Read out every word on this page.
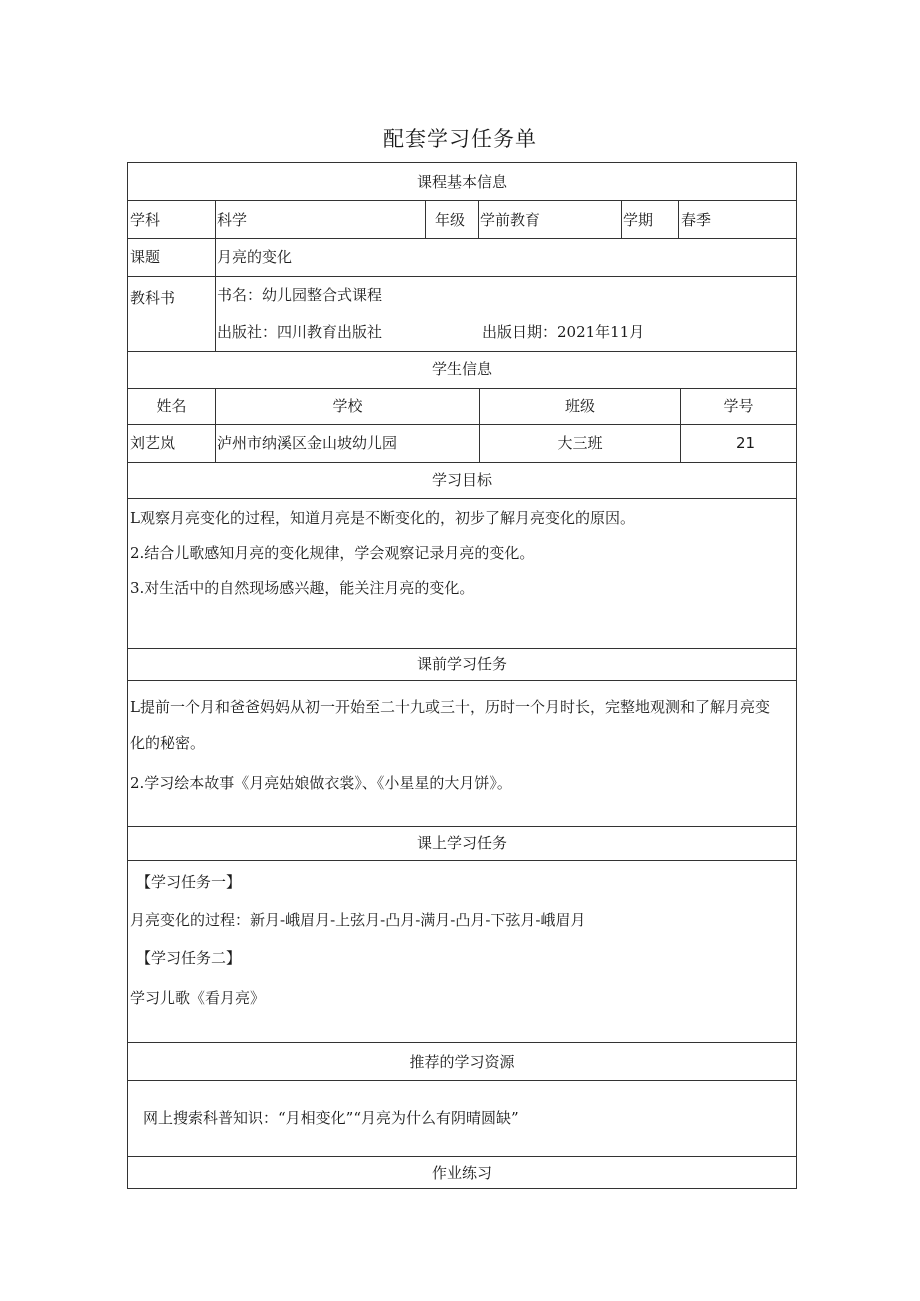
配套学习任务单
课程基本信息
学科	科学	年级 学前教育	学期 春季
课题	月亮的变化
教科书	书名：幼儿园整合式课程
出版社：四川教育出版社	出版日期：2021年11月
学生信息
姓名	学校	班级	学号
刘艺岚	泸州市纳溪区金山坡幼儿园	大三班	21
学习目标
L观察月亮变化的过程，知道月亮是不断变化的，初步了解月亮变化的原因。
2.结合儿歌感知月亮的变化规律，学会观察记录月亮的变化。
3.对生活中的自然现场感兴趣，能关注月亮的变化。
课前学习任务
L提前一个月和爸爸妈妈从初一开始至二十九或三十，历时一个月时长，完整地观测和了解月亮变
化的秘密。
2.学习绘本故事《月亮姑娘做衣裳》、《小星星的大月饼》。
课上学习任务
【学习任务一】
月亮变化的过程：新月-峨眉月-上弦月-凸月-满月-凸月-下弦月-峨眉月
【学习任务二】
学习儿歌《看月亮》
推荐的学习资源
网上搜索科普知识：“月相变化”“月亮为什么有阴晴圆缺”
作业练习
